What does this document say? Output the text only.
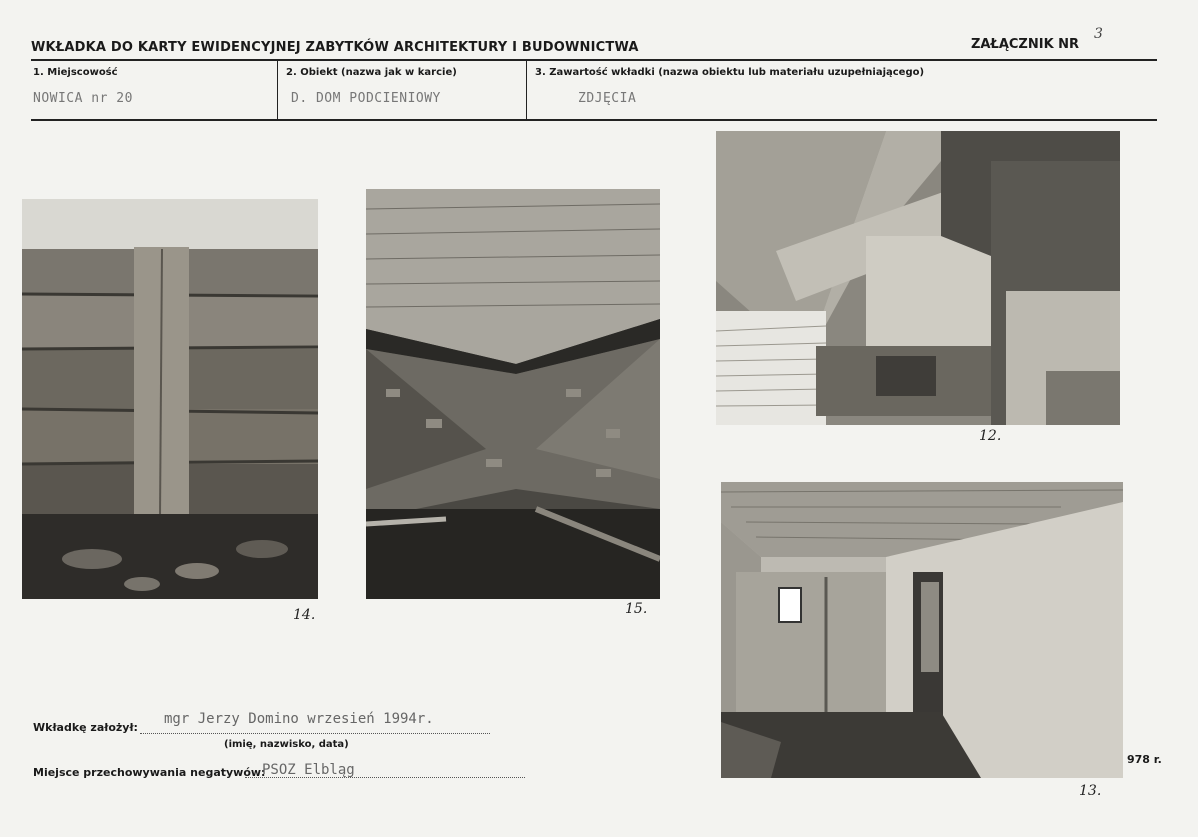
WKŁADKA DO KARTY EWIDENCYJNEJ ZABYTKÓW ARCHITEKTURY I BUDOWNICTWA	ZAŁĄCZNIK NR
3
1. Miejscowość
NOWICA nr 20
2. Obiekt (nazwa jak w karcie)
D. DOM PODCIENIOWY
3. Zawartość wkładki (nazwa obiektu lub materiału uzupełniającego)
ZDJĘCIA
14.	15.
12.
13.
Wkładkę założył:
mgr Jerzy Domino wrzesień 1994r.
(imię, nazwisko, data)
Miejsce przechowywania negatywów:
PSOZ Elbląg
978 r.
